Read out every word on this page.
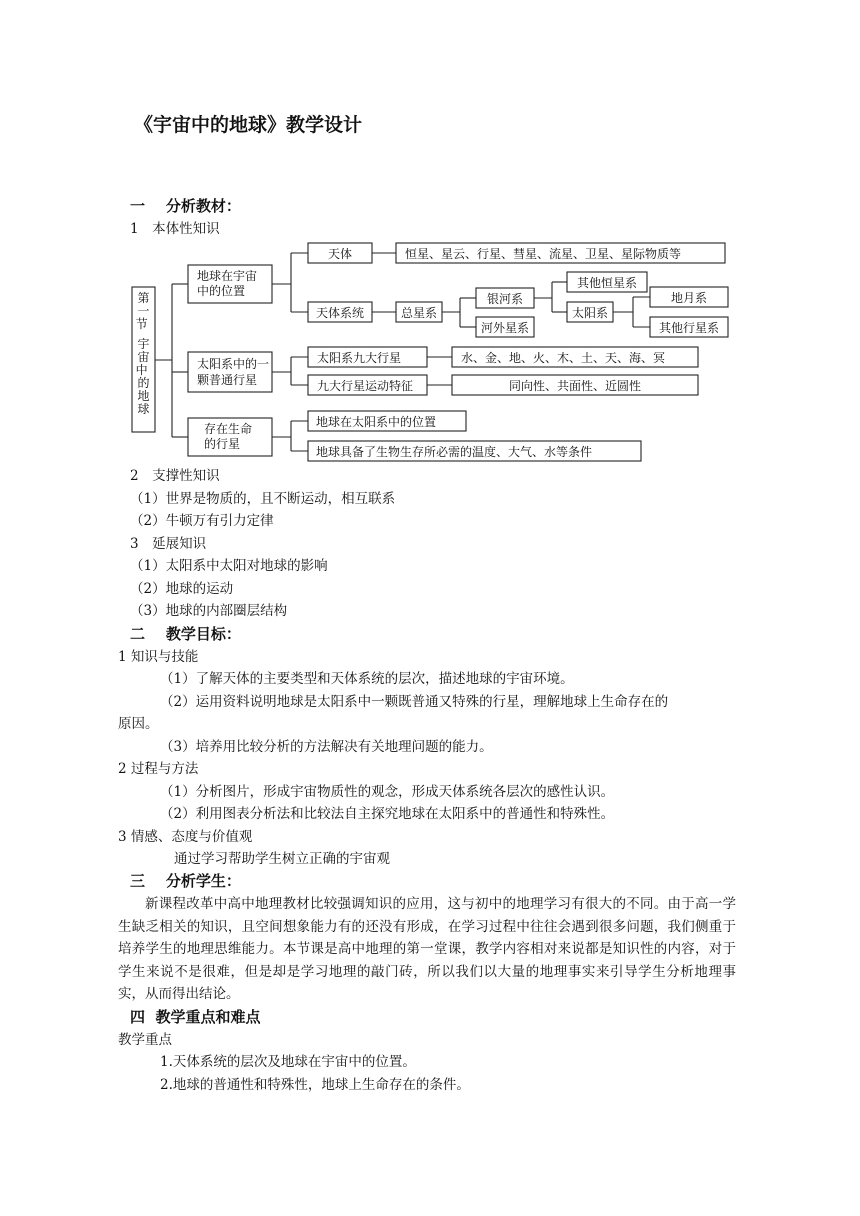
《宇宙中的地球》教学设计
一 分析教材：
1　本体性知识
第一节 宇宙中 的地球
地球在宇宙中的位置
天体	恒星、星云、行星、彗星、流星、卫星、星际物质等
天体系统	总星系
银河系
河外星系
其他恒星系
太阳系
地月系
其他行星系
太阳系中的一颗普通行星
太阳系九大行星	水、金、地、火、木、土、天、海、冥
九大行星运动特征	同向性、共面性、近圆性
存在生命的行星
地球在太阳系中的位置
地球具备了生物生存所必需的温度、大气、水等条件
2　支撑性知识
（1）世界是物质的，且不断运动，相互联系
（2）牛顿万有引力定律
3　延展知识
（1）太阳系中太阳对地球的影响
（2）地球的运动
（3）地球的内部圈层结构
二 教学目标：
1 知识与技能
（1）了解天体的主要类型和天体系统的层次，描述地球的宇宙环境。
（2）运用资料说明地球是太阳系中一颗既普通又特殊的行星，理解地球上生命存在的
原因。
（3）培养用比较分析的方法解决有关地理问题的能力。
2 过程与方法
（1）分析图片，形成宇宙物质性的观念，形成天体系统各层次的感性认识。
（2）利用图表分析法和比较法自主探究地球在太阳系中的普通性和特殊性。
3 情感、态度与价值观
通过学习帮助学生树立正确的宇宙观
三 分析学生：
新课程改革中高中地理教材比较强调知识的应用，这与初中的地理学习有很大的不同。由于高一学生缺乏相关的知识，且空间想象能力有的还没有形成，在学习过程中往往会遇到很多问题，我们侧重于培养学生的地理思维能力。本节课是高中地理的第一堂课，教学内容相对来说都是知识性的内容，对于学生来说不是很难，但是却是学习地理的敲门砖，所以我们以大量的地理事实来引导学生分析地理事实，从而得出结论。
四 教学重点和难点
教学重点
1.天体系统的层次及地球在宇宙中的位置。
2.地球的普通性和特殊性，地球上生命存在的条件。
